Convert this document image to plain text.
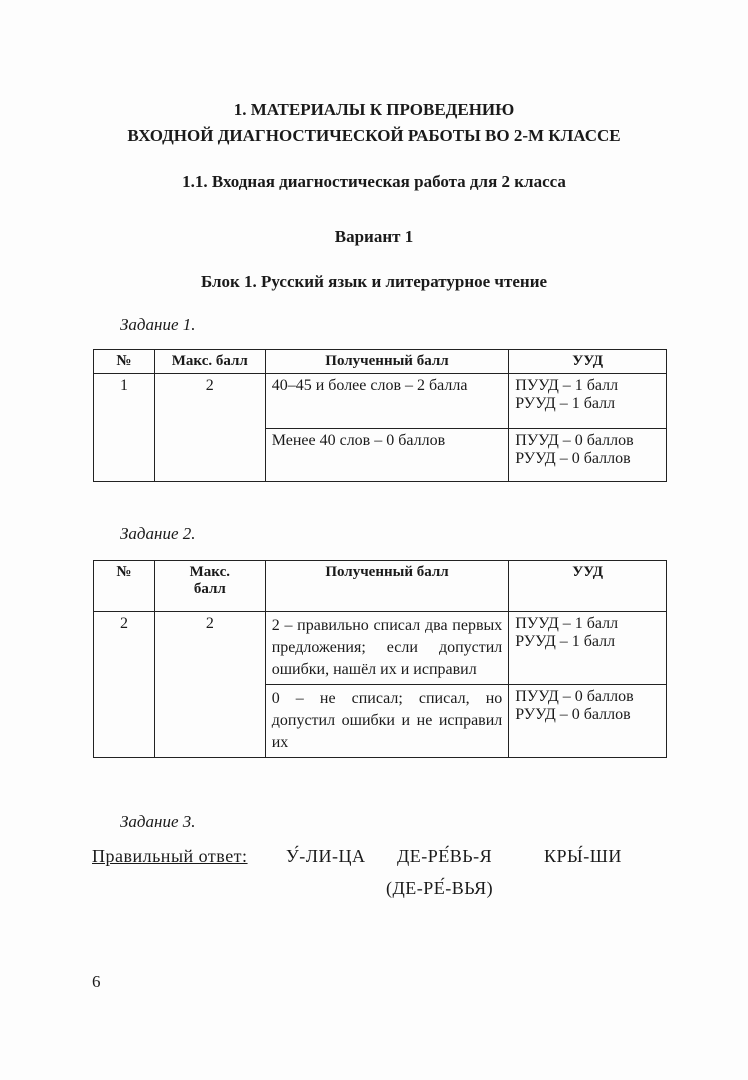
1. МАТЕРИАЛЫ К ПРОВЕДЕНИЮ
ВХОДНОЙ ДИАГНОСТИЧЕСКОЙ РАБОТЫ ВО 2-М КЛАССЕ
1.1. Входная диагностическая работа для 2 класса
Вариант 1
Блок 1. Русский язык и литературное чтение
Задание 1.
№	Макс. балл	Полученный балл	УУД
1	2	40–45 и более слов – 2 балла	ПУУД – 1 балл
РУУД – 1 балл

		Менее 40 слов – 0 баллов	ПУУД – 0 баллов
РУУД – 0 баллов
Задание 2.
№	Макс. балл	Полученный балл	УУД
2	2	2 – правильно списал два первых предложения; если допустил ошибки, нашёл их и исправил	ПУУД – 1 балл
РУУД – 1 балл

		0 – не списал; списал, но допустил ошибки и не исправил их	ПУУД – 0 баллов
РУУД – 0 баллов
Задание 3.
Правильный ответ: У́-ЛИ-ЦА ДЕ-РЕ́ВЬ-Я	КРЫ́-ШИ
(ДЕ-РЕ́-ВЬЯ)
6
